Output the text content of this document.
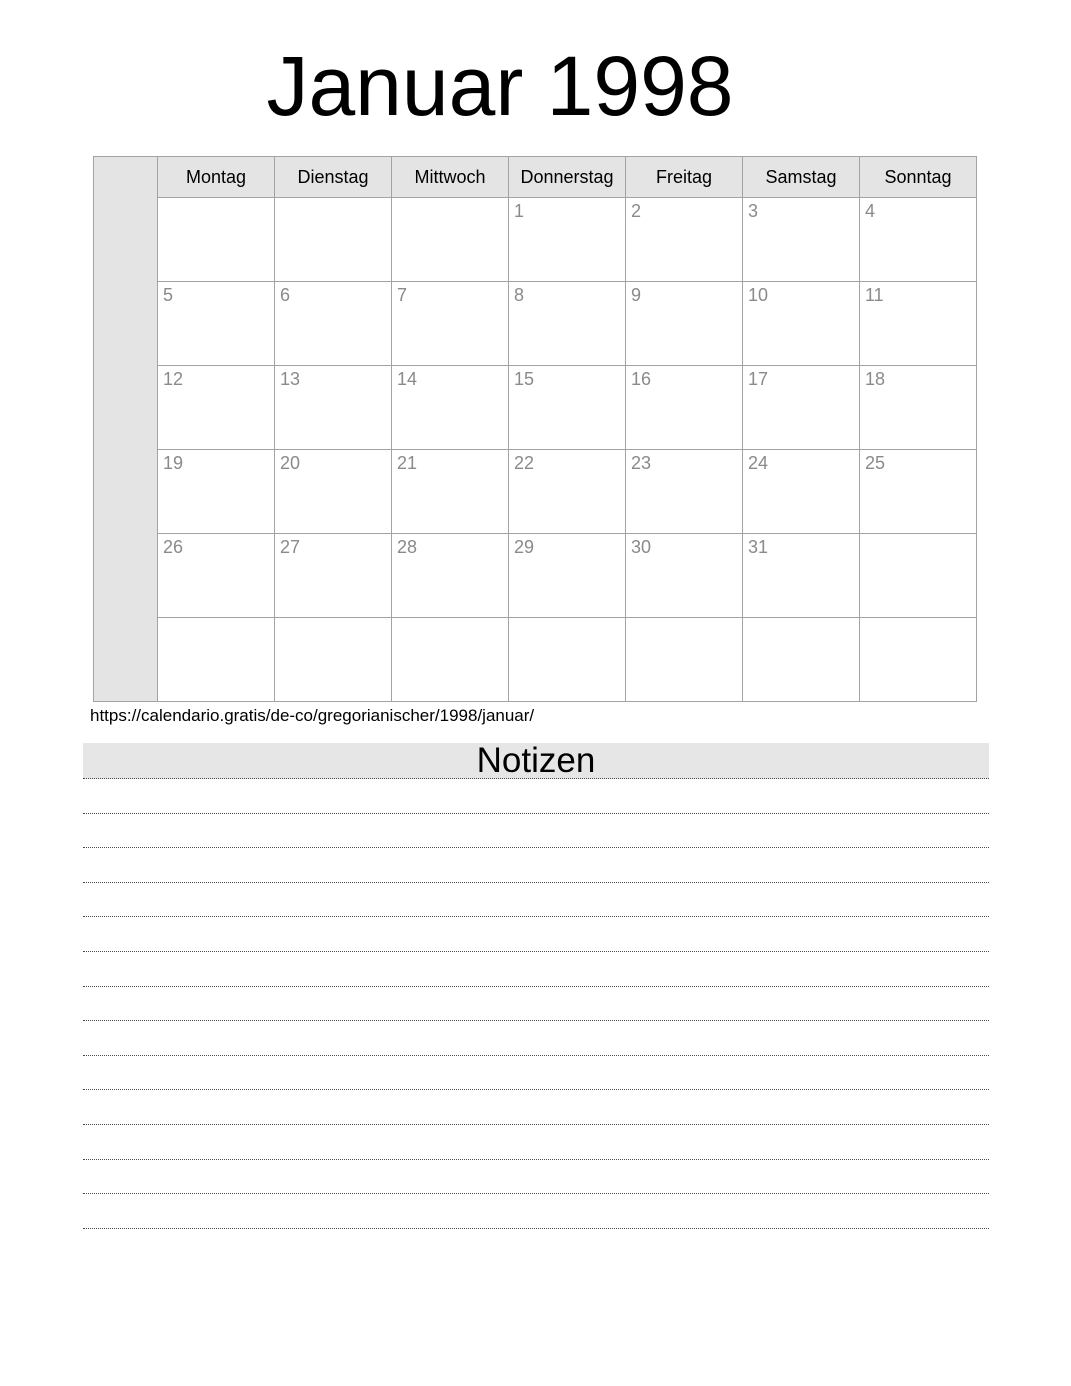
Januar 1998
	Montag	Dienstag	Mittwoch	Donnerstag	Freitag	Samstag	Sonntag
				1	2	3	4
	5	6	7	8	9	10	11
	12	13	14	15	16	17	18
	19	20	21	22	23	24	25
	26	27	28	29	30	31	

https://calendario.gratis/de-co/gregorianischer/1998/januar/
Notizen
